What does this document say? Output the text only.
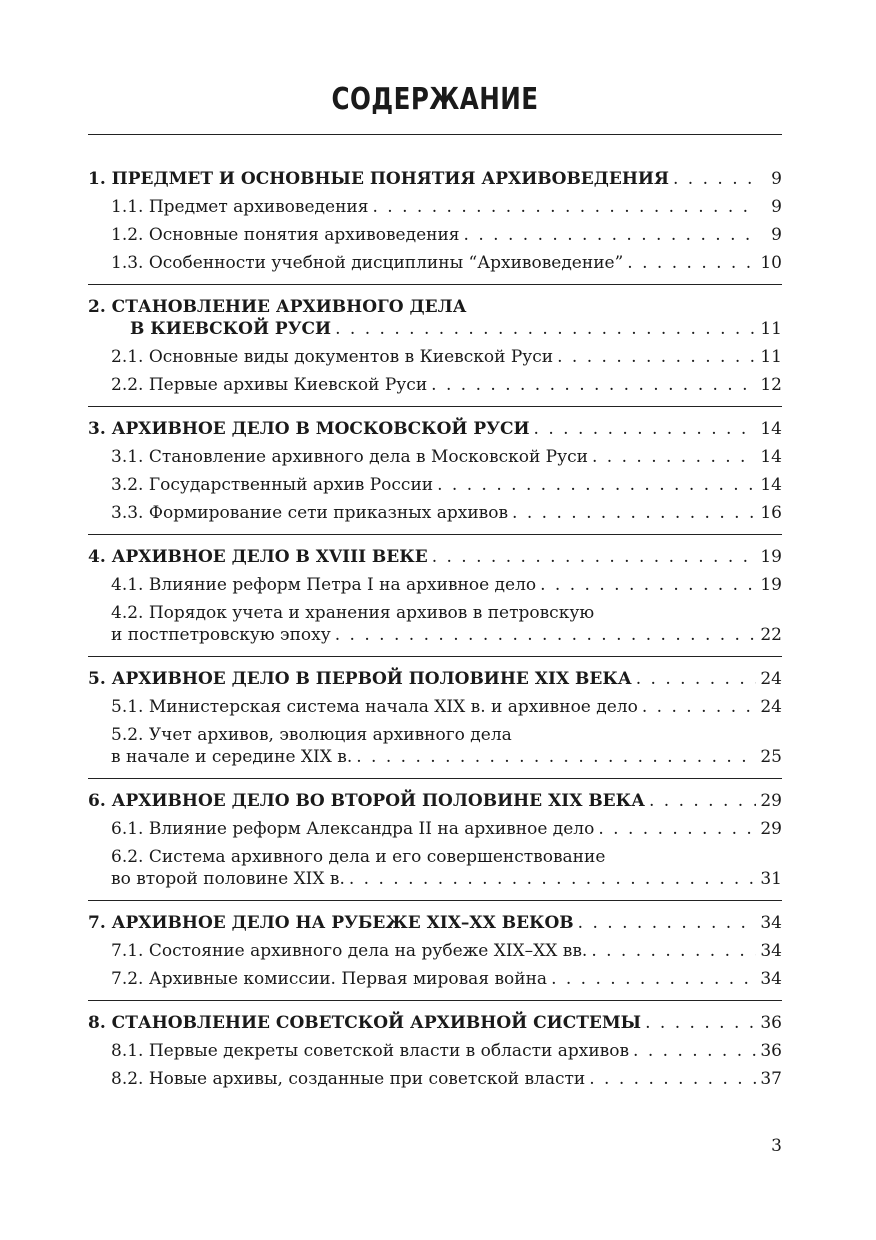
СОДЕРЖАНИЕ
1. ПРЕДМЕТ И ОСНОВНЫЕ ПОНЯТИЯ АРХИВОВЕДЕНИЯ . . .	9
1.1. Предмет архивоведения . . .	9
1.2. Основные понятия архивоведения . . .	9
1.3. Особенности учебной дисциплины “Архивоведение” . . .	10
2. СТАНОВЛЕНИЕ АРХИВНОГО ДЕЛА
В КИЕВСКОЙ РУСИ . . .	11
2.1. Основные виды документов в Киевской Руси . . .	11
2.2. Первые архивы Киевской Руси . . .	12
3. АРХИВНОЕ ДЕЛО В МОСКОВСКОЙ РУСИ . . .	14
3.1. Становление архивного дела в Московской Руси . . .	14
3.2. Государственный архив России . . .	14
3.3. Формирование сети приказных архивов . . .	16
4. АРХИВНОЕ ДЕЛО В XVIII ВЕКЕ . . .	19
4.1. Влияние реформ Петра I на архивное дело . . .	19
4.2. Порядок учета и хранения архивов в петровскую
и постпетровскую эпоху . . .	22
5. АРХИВНОЕ ДЕЛО В ПЕРВОЙ ПОЛОВИНЕ XIX ВЕКА . . .	24
5.1. Министерская система начала XIX в. и архивное дело . . .	24
5.2. Учет архивов, эволюция архивного дела
в начале и середине XIX в. . . .	25
6. АРХИВНОЕ ДЕЛО ВО ВТОРОЙ ПОЛОВИНЕ XIX ВЕКА . . .	29
6.1. Влияние реформ Александра II на архивное дело . . .	29
6.2. Система архивного дела и его совершенствование
во второй половине XIX в. . . .	31
7. АРХИВНОЕ ДЕЛО НА РУБЕЖЕ XIX–XX ВЕКОВ . . .	34
7.1. Состояние архивного дела на рубеже XIX–XX вв. . . .	34
7.2. Архивные комиссии. Первая мировая война . . .	34
8. СТАНОВЛЕНИЕ СОВЕТСКОЙ АРХИВНОЙ СИСТЕМЫ . . .	36
8.1. Первые декреты советской власти в области архивов . . .	36
8.2. Новые архивы, созданные при советской власти . . .	37
3
